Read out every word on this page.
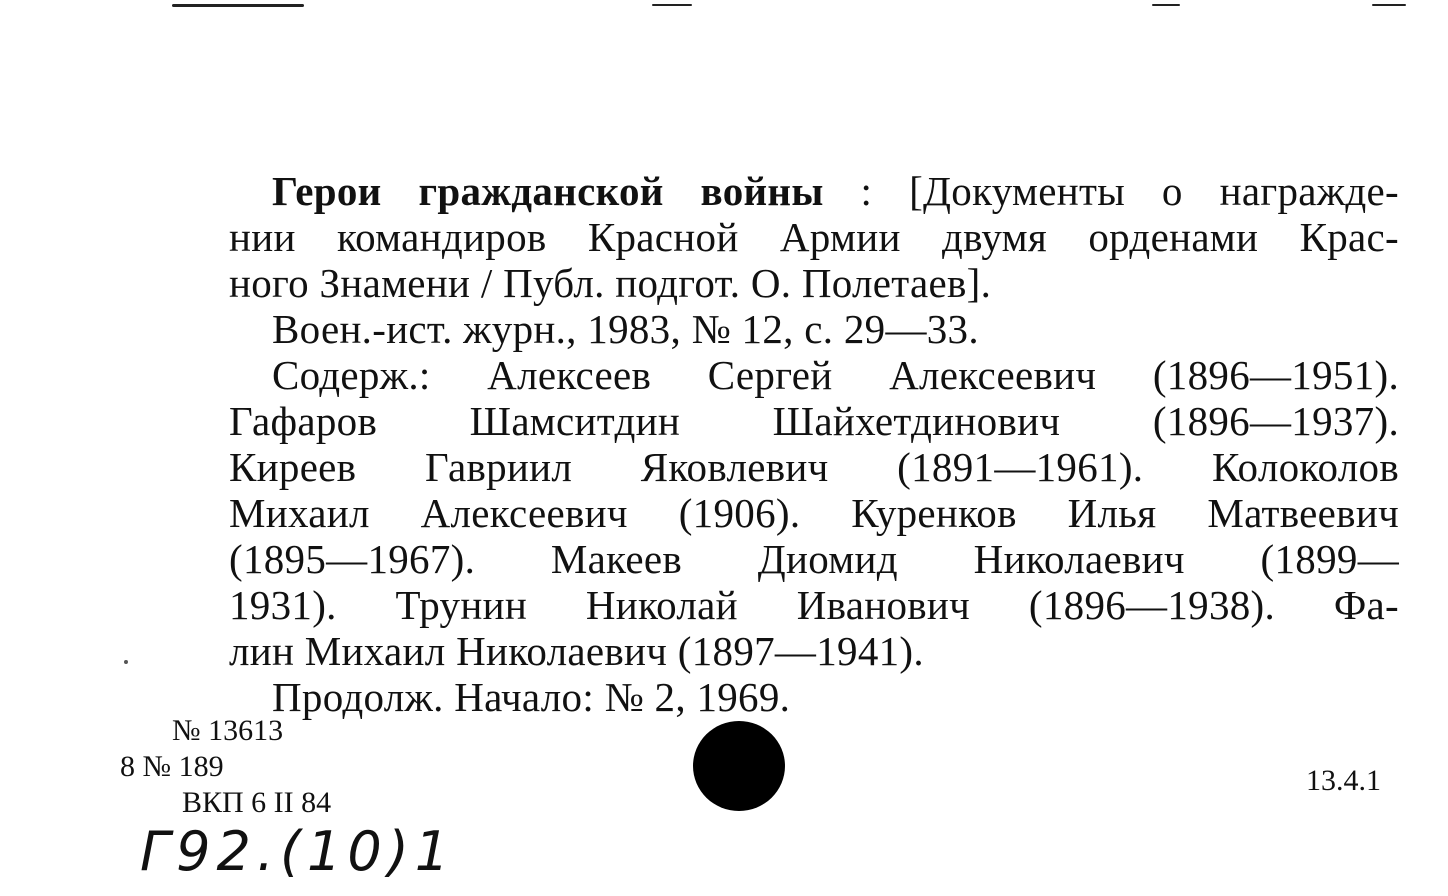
Герои гражданской войны : [Документы о награжде-
нии командиров Красной Армии двумя орденами Крас-
ного Знамени / Публ. подгот. О. Полетаев].
Воен.-ист. журн., 1983, № 12, с. 29—33.
Содерж.: Алексеев Сергей Алексеевич (1896—1951).
Гафаров Шамситдин Шайхетдинович (1896—1937).
Киреев Гавриил Яковлевич (1891—1961). Колоколов
Михаил Алексеевич (1906). Куренков Илья Матвеевич
(1895—1967). Макеев Диомид Николаевич (1899—
1931). Трунин Николай Иванович (1896—1938). Фа-
лин Михаил Николаевич (1897—1941).
Продолж. Начало: № 2, 1969.
№ 13613
8 № 189
ВКП 6 II 84
13.4.1
Г92.(10)1
